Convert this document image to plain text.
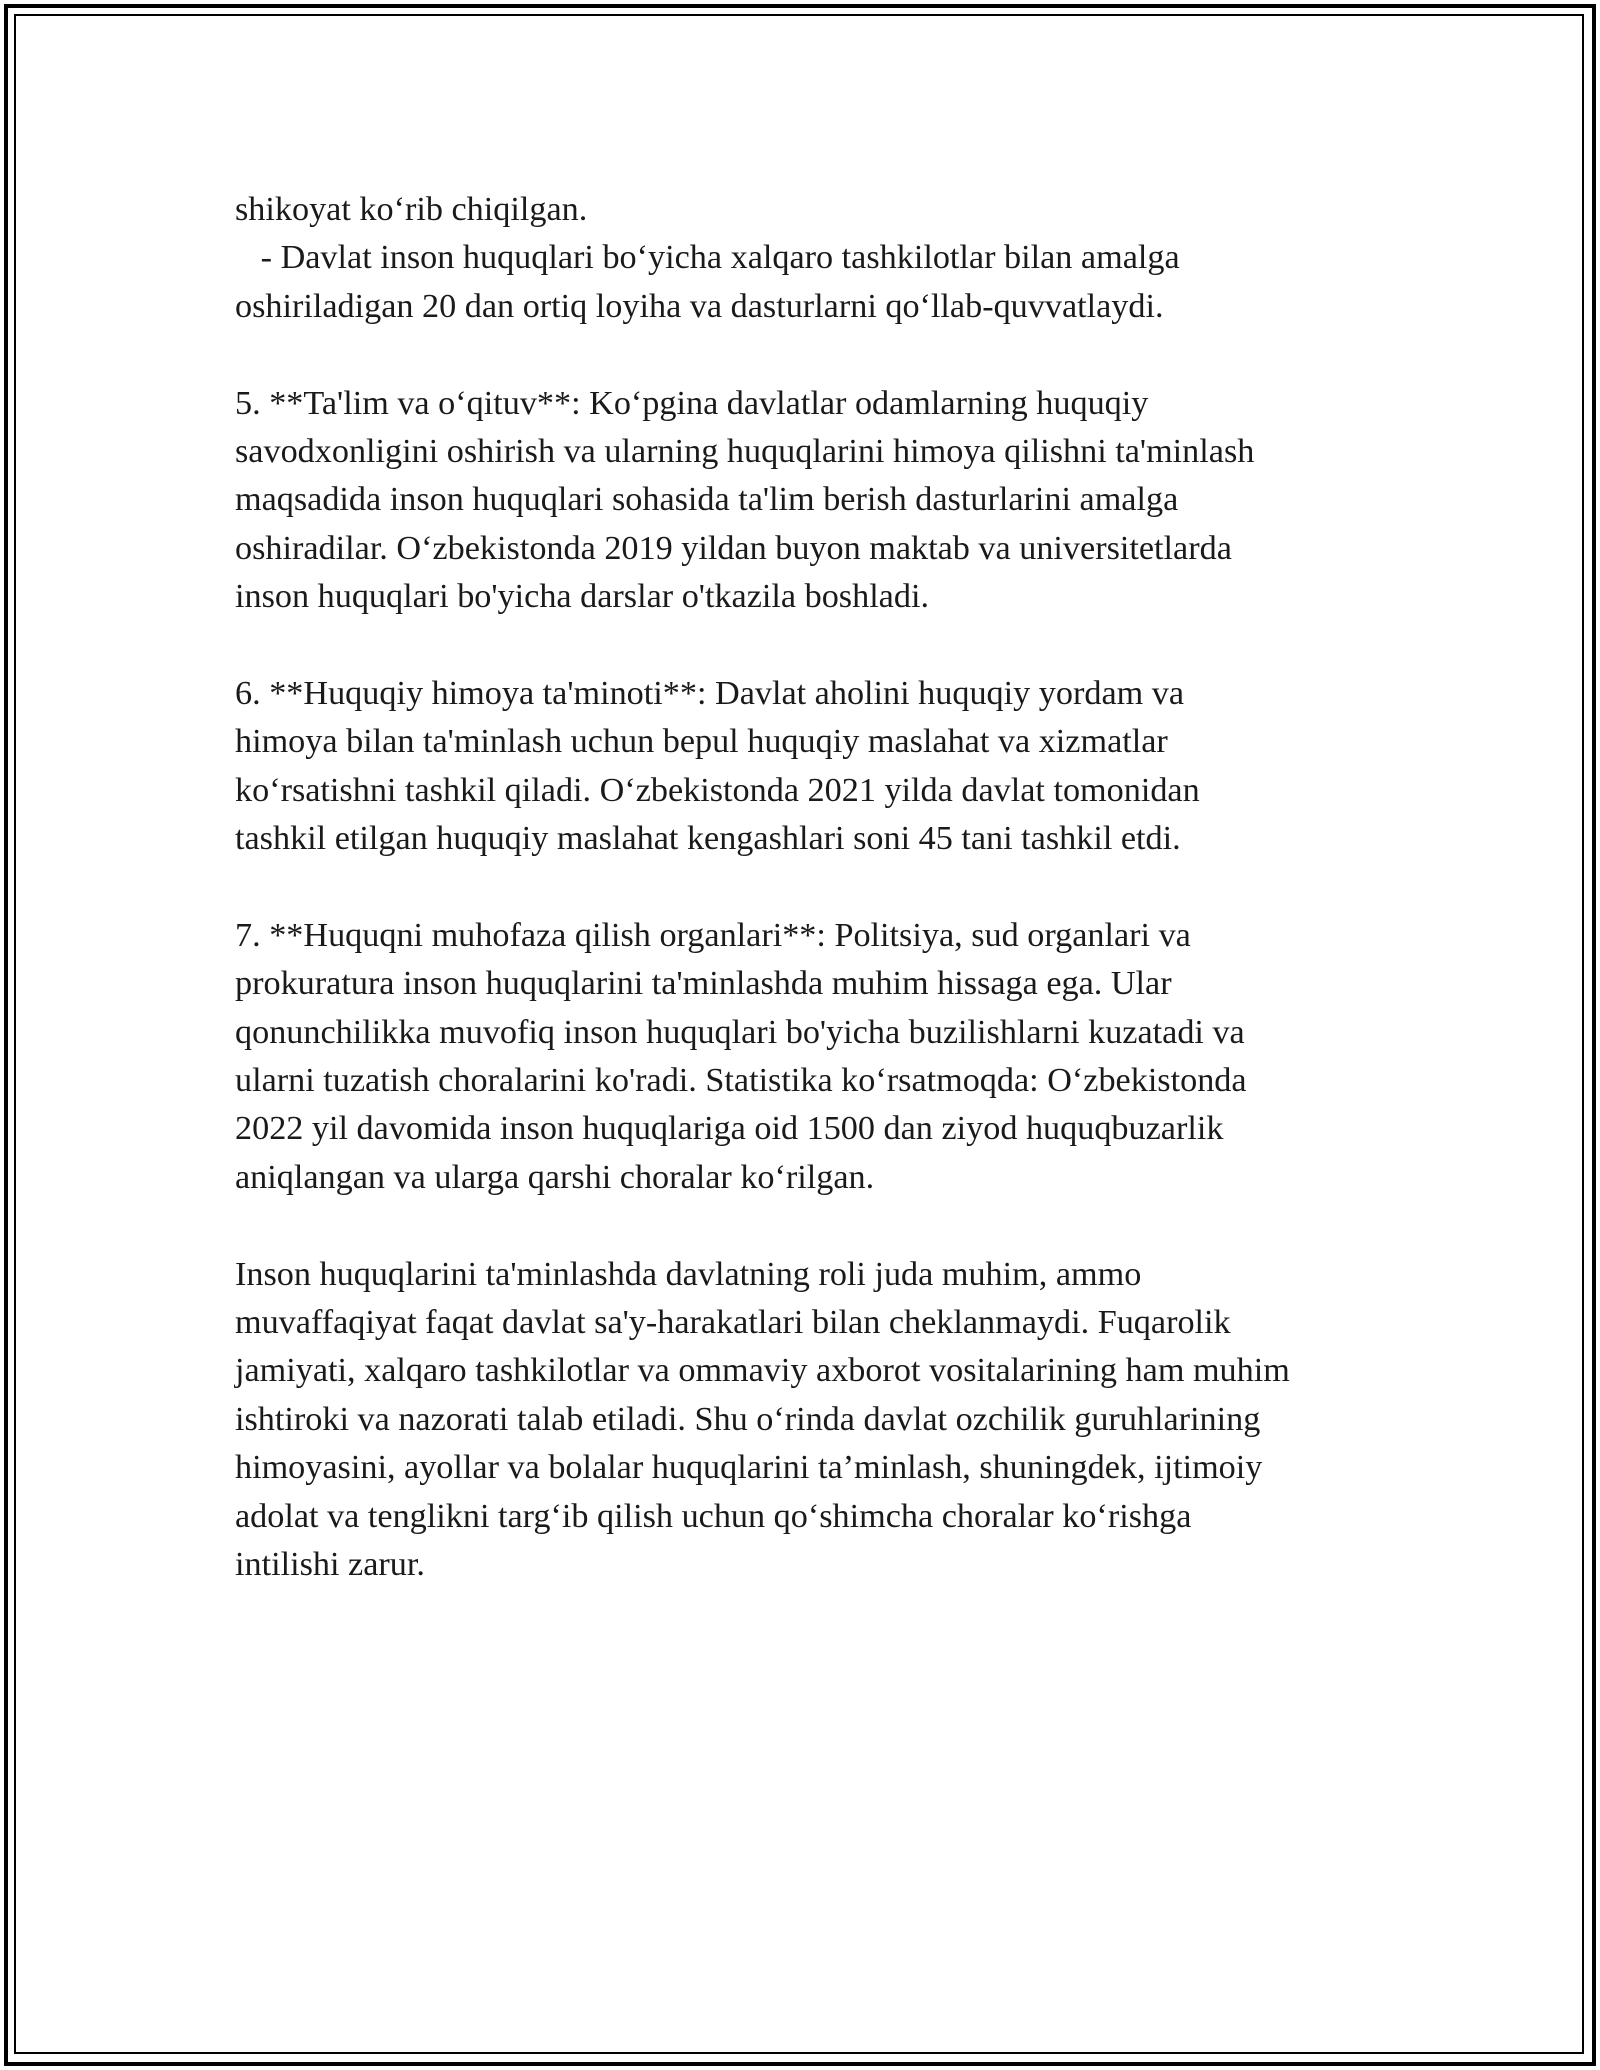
shikoyat ko‘rib chiqilgan.
- Davlat inson huquqlari bo‘yicha xalqaro tashkilotlar bilan amalga
oshiriladigan 20 dan ortiq loyiha va dasturlarni qo‘llab-quvvatlaydi.
5. **Ta'lim va o‘qituv**: Ko‘pgina davlatlar odamlarning huquqiy
savodxonligini oshirish va ularning huquqlarini himoya qilishni ta'minlash
maqsadida inson huquqlari sohasida ta'lim berish dasturlarini amalga
oshiradilar. O‘zbekistonda 2019 yildan buyon maktab va universitetlarda
inson huquqlari bo'yicha darslar o'tkazila boshladi.
6. **Huquqiy himoya ta'minoti**: Davlat aholini huquqiy yordam va
himoya bilan ta'minlash uchun bepul huquqiy maslahat va xizmatlar
ko‘rsatishni tashkil qiladi. O‘zbekistonda 2021 yilda davlat tomonidan
tashkil etilgan huquqiy maslahat kengashlari soni 45 tani tashkil etdi.
7. **Huquqni muhofaza qilish organlari**: Politsiya, sud organlari va
prokuratura inson huquqlarini ta'minlashda muhim hissaga ega. Ular
qonunchilikka muvofiq inson huquqlari bo'yicha buzilishlarni kuzatadi va
ularni tuzatish choralarini ko'radi. Statistika ko‘rsatmoqda: O‘zbekistonda
2022 yil davomida inson huquqlariga oid 1500 dan ziyod huquqbuzarlik
aniqlangan va ularga qarshi choralar ko‘rilgan.
Inson huquqlarini ta'minlashda davlatning roli juda muhim, ammo
muvaffaqiyat faqat davlat sa'y-harakatlari bilan cheklanmaydi. Fuqarolik
jamiyati, xalqaro tashkilotlar va ommaviy axborot vositalarining ham muhim
ishtiroki va nazorati talab etiladi. Shu o‘rinda davlat ozchilik guruhlarining
himoyasini, ayollar va bolalar huquqlarini ta’minlash, shuningdek, ijtimoiy
adolat va tenglikni targ‘ib qilish uchun qo‘shimcha choralar ko‘rishga
intilishi zarur.
